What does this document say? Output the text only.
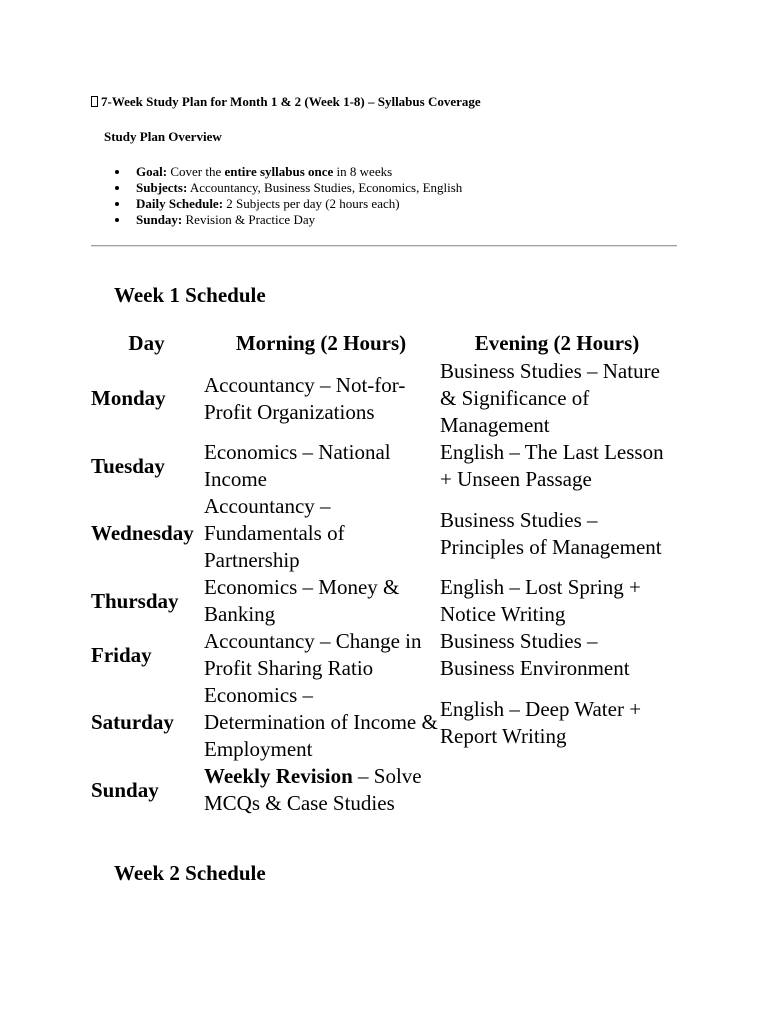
7-Week Study Plan for Month 1 & 2 (Week 1-8) – Syllabus Coverage
Study Plan Overview
Goal: Cover the entire syllabus once in 8 weeks
Subjects: Accountancy, Business Studies, Economics, English
Daily Schedule: 2 Subjects per day (2 hours each)
Sunday: Revision & Practice Day
Week 1 Schedule
Day	Morning (2 Hours)	Evening (2 Hours)
Monday	Accountancy – Not-for-Profit Organizations	Business Studies – Nature & Significance of Management
Tuesday	Economics – National Income	English – The Last Lesson + Unseen Passage
Wednesday	Accountancy – Fundamentals of Partnership	Business Studies – Principles of Management
Thursday	Economics – Money & Banking	English – Lost Spring + Notice Writing
Friday	Accountancy – Change in Profit Sharing Ratio	Business Studies – Business Environment
Saturday	Economics – Determination of Income & Employment	English – Deep Water + Report Writing
Sunday	Weekly Revision – Solve MCQs & Case Studies	
Week 2 Schedule
